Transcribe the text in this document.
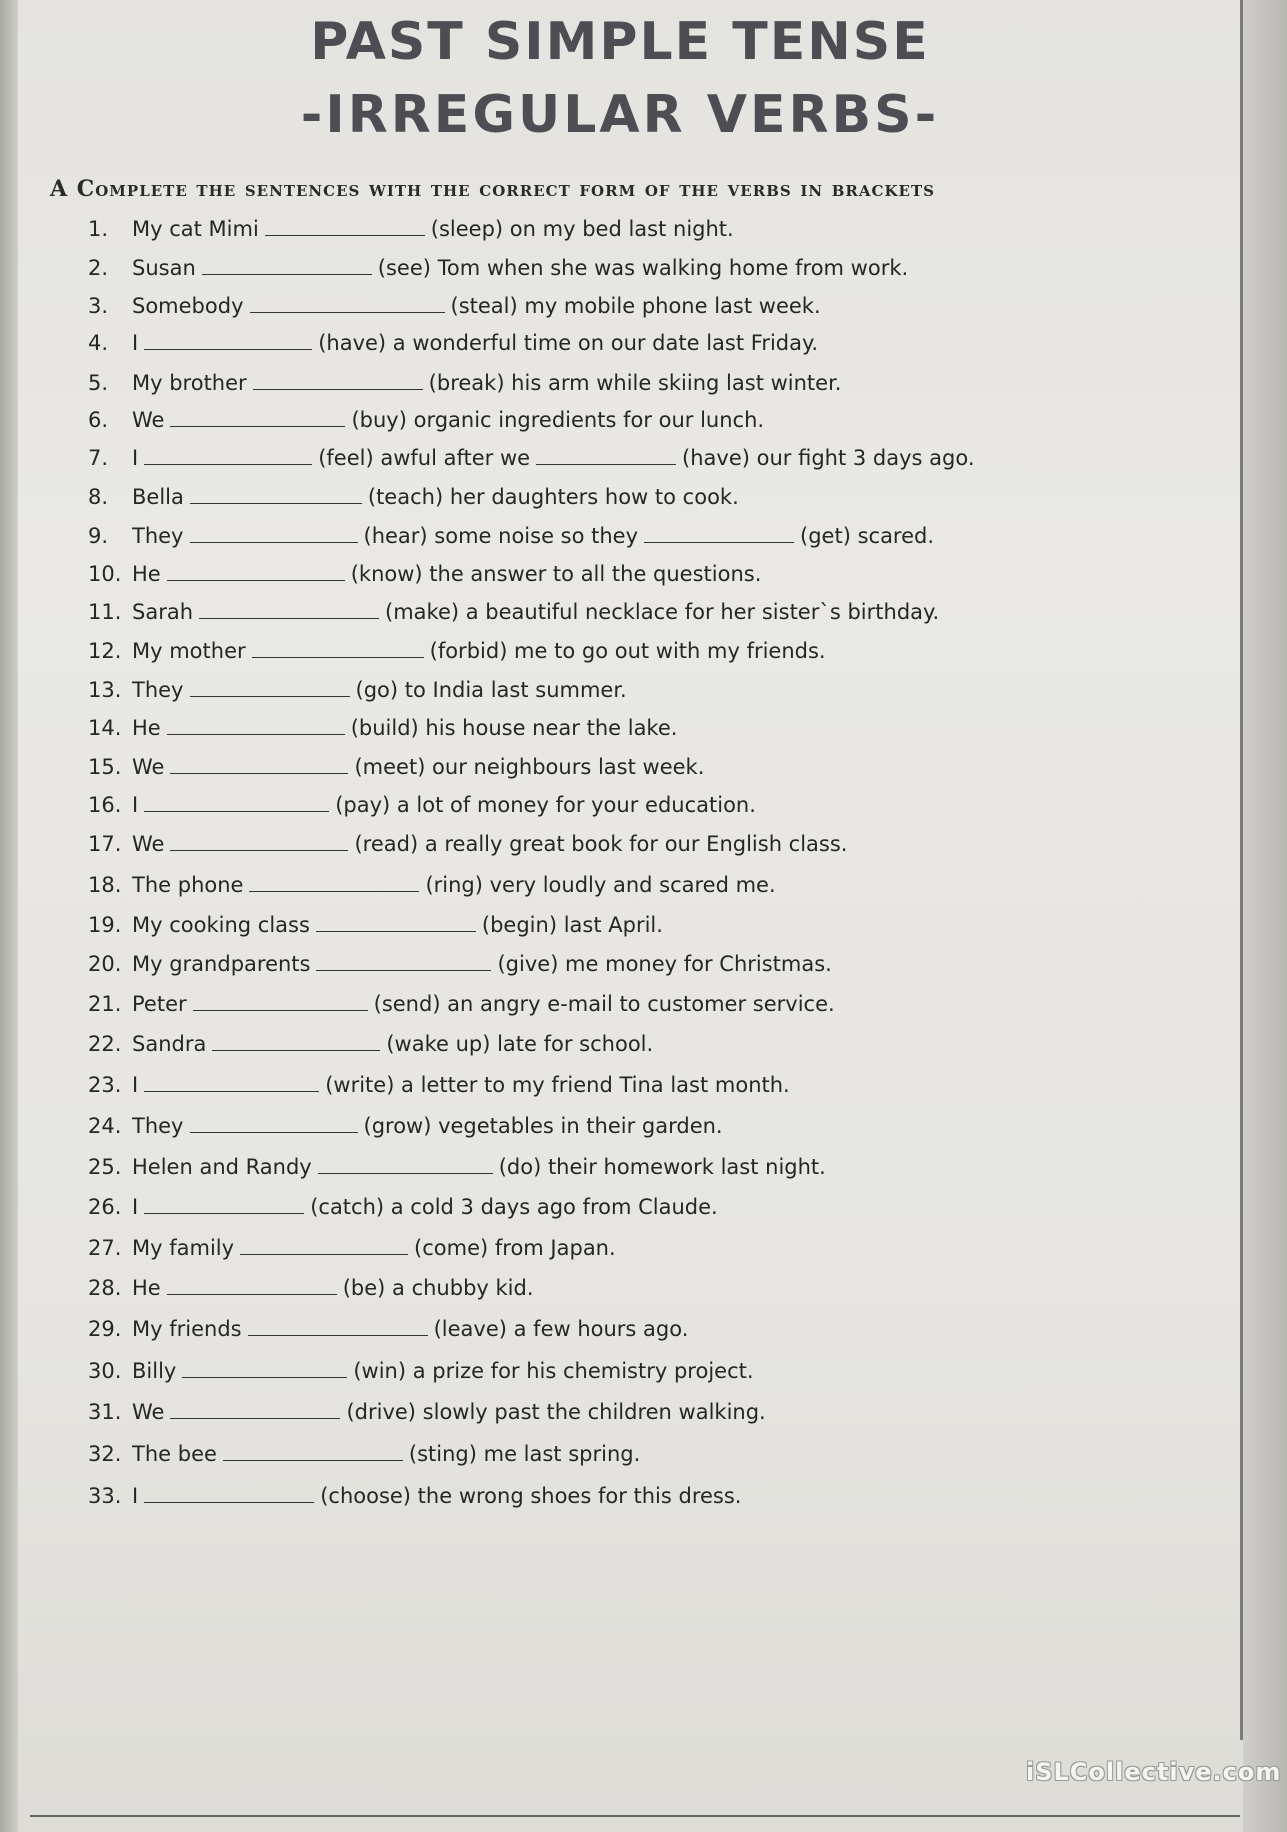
PAST SIMPLE TENSE
-IRREGULAR VERBS-
A Complete the sentences with the correct form of the verbs in brackets
1. My cat Mimi	(sleep) on my bed last night.
2. Susan	(see) Tom when she was walking home from work.
3. Somebody	(steal) my mobile phone last week.
4. I	(have) a wonderful time on our date last Friday.
5. My brother	(break) his arm while skiing last winter.
6. We	(buy) organic ingredients for our lunch.
7. I	(feel) awful after we	(have) our fight 3 days ago.
8. Bella	(teach) her daughters how to cook.
9. They	(hear) some noise so they	(get) scared.
10. He	(know) the answer to all the questions.
11. Sarah	(make) a beautiful necklace for her sister`s birthday.
12. My mother	(forbid) me to go out with my friends.
13. They	(go) to India last summer.
14. He	(build) his house near the lake.
15. We	(meet) our neighbours last week.
16. I	(pay) a lot of money for your education.
17. We	(read) a really great book for our English class.
18. The phone	(ring) very loudly and scared me.
19. My cooking class	(begin) last April.
20. My grandparents	(give) me money for Christmas.
21. Peter	(send) an angry e-mail to customer service.
22. Sandra	(wake up) late for school.
23. I	(write) a letter to my friend Tina last month.
24. They	(grow) vegetables in their garden.
25. Helen and Randy	(do) their homework last night.
26. I	(catch) a cold 3 days ago from Claude.
27. My family	(come) from Japan.
28. He	(be) a chubby kid.
29. My friends	(leave) a few hours ago.
30. Billy	(win) a prize for his chemistry project.
31. We	(drive) slowly past the children walking.
32. The bee	(sting) me last spring.
33. I	(choose) the wrong shoes for this dress.
iSLCollective.com
